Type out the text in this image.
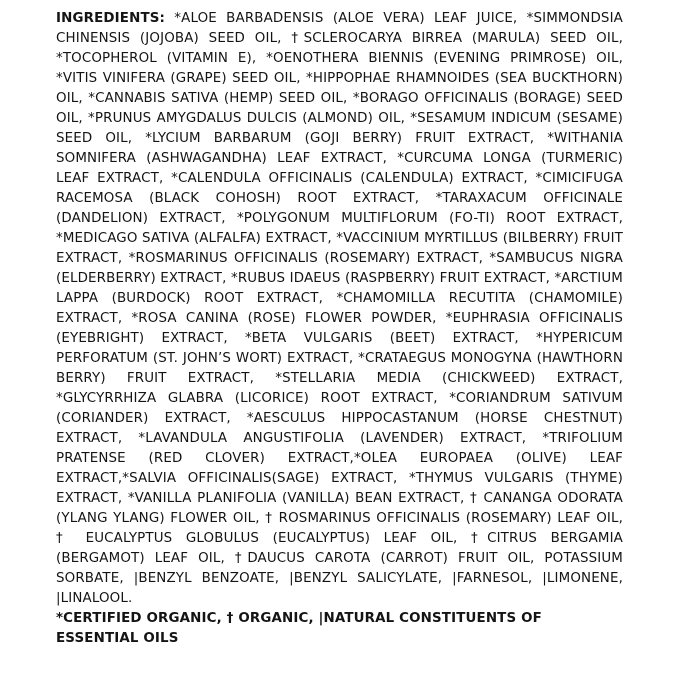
INGREDIENTS: *ALOE BARBADENSIS (ALOE VERA) LEAF JUICE, *SIMMONDSIA CHINENSIS (JOJOBA) SEED OIL, †SCLEROCARYA BIRREA (MARULA) SEED OIL, *TOCOPHEROL (VITAMIN E), *OENOTHERA BIENNIS (EVENING PRIMROSE) OIL, *VITIS VINIFERA (GRAPE) SEED OIL, *HIPPOPHAE RHAMNOIDES (SEA BUCKTHORN) OIL, *CANNABIS SATIVA (HEMP) SEED OIL, *BORAGO OFFICINALIS (BORAGE) SEED OIL, *PRUNUS AMYGDALUS DULCIS (ALMOND) OIL, *SESAMUM INDICUM (SESAME) SEED OIL, *LYCIUM BARBARUM (GOJI BERRY) FRUIT EXTRACT, *WITHANIA SOMNIFERA (ASHWAGANDHA) LEAF EXTRACT, *CURCUMA LONGA (TURMERIC) LEAF EXTRACT, *CALENDULA OFFICINALIS (CALENDULA) EXTRACT, *CIMICIFUGA RACEMOSA (BLACK COHOSH) ROOT EXTRACT, *TARAXACUM OFFICINALE (DANDELION) EXTRACT, *POLYGONUM MULTIFLORUM (FO-TI) ROOT EXTRACT, *MEDICAGO SATIVA (ALFALFA) EXTRACT, *VACCINIUM MYRTILLUS (BILBERRY) FRUIT EXTRACT, *ROSMARINUS OFFICINALIS (ROSEMARY) EXTRACT, *SAMBUCUS NIGRA (ELDERBERRY) EXTRACT, *RUBUS IDAEUS (RASPBERRY) FRUIT EXTRACT, *ARCTIUM LAPPA (BURDOCK) ROOT EXTRACT, *CHAMOMILLA RECUTITA (CHAMOMILE) EXTRACT, *ROSA CANINA (ROSE) FLOWER POWDER, *EUPHRASIA OFFICINALIS (EYEBRIGHT) EXTRACT, *BETA VULGARIS (BEET) EXTRACT, *HYPERICUM PERFORATUM (ST. JOHN’S WORT) EXTRACT, *CRATAEGUS MONOGYNA (HAWTHORN BERRY) FRUIT EXTRACT, *STELLARIA MEDIA (CHICKWEED) EXTRACT, *GLYCYRRHIZA GLABRA (LICORICE) ROOT EXTRACT, *CORIANDRUM SATIVUM (CORIANDER) EXTRACT, *AESCULUS HIPPOCASTANUM (HORSE CHESTNUT) EXTRACT, *LAVANDULA ANGUSTIFOLIA (LAVENDER) EXTRACT, *TRIFOLIUM PRATENSE (RED CLOVER) EXTRACT,*OLEA EUROPAEA (OLIVE) LEAF EXTRACT,*SALVIA OFFICINALIS(SAGE) EXTRACT, *THYMUS VULGARIS (THYME) EXTRACT, *VANILLA PLANIFOLIA (VANILLA) BEAN EXTRACT, † CANANGA ODORATA (YLANG YLANG) FLOWER OIL, † ROSMARINUS OFFICINALIS (ROSEMARY) LEAF OIL, † EUCALYPTUS GLOBULUS (EUCALYPTUS) LEAF OIL, †CITRUS BERGAMIA (BERGAMOT) LEAF OIL, †DAUCUS CAROTA (CARROT) FRUIT OIL, POTASSIUM SORBATE, |BENZYL BENZOATE, |BENZYL SALICYLATE, |FARNESOL, |LIMONENE, |LINALOOL.

*CERTIFIED ORGANIC, † ORGANIC, |NATURAL CONSTITUENTS OF ESSENTIAL OILS
